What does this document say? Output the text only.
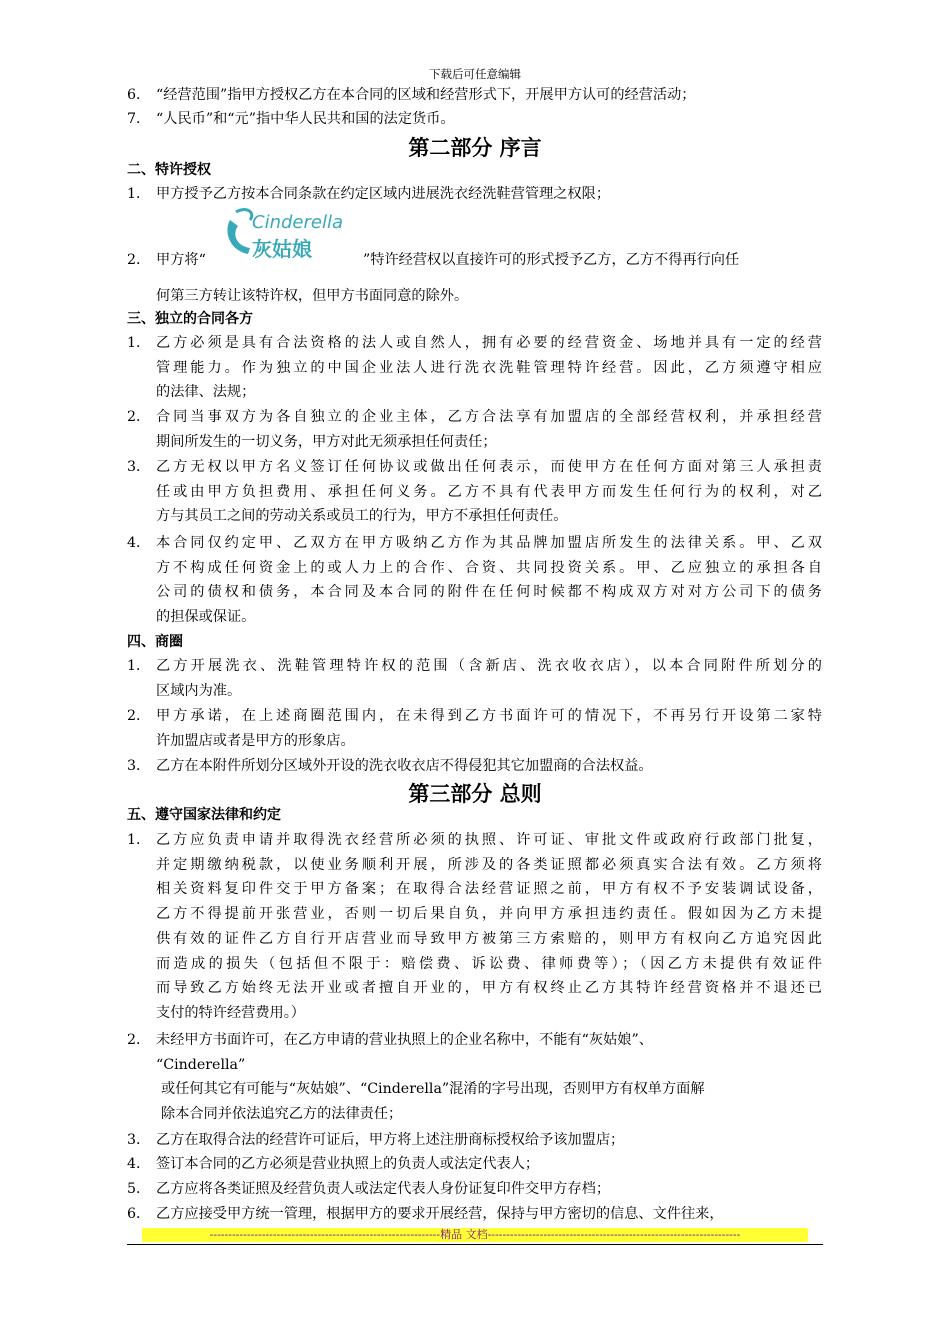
下载后可任意编辑
6． “经营范围”指甲方授权乙方在本合同的区域和经营形式下，开展甲方认可的经营活动；
7． “人民币”和“元”指中华人民共和国的法定货币。
第二部分 序言
二、特许授权
1． 甲方授予乙方按本合同条款在约定区域内进展洗衣经洗鞋营管理之权限；
2． 甲方将“
Cinderella
灰姑娘	”特许经营权以直接许可的形式授予乙方，乙方不得再行向任
何第三方转让该特许权，但甲方书面同意的除外。
三、独立的合同各方
1． 乙方必须是具有合法资格的法人或自然人，拥有必要的经营资金、场地并具有一定的经营
管理能力。作为独立的中国企业法人进行洗衣洗鞋管理特许经营。因此，乙方须遵守相应
的法律、法规；
2． 合同当事双方为各自独立的企业主体，乙方合法享有加盟店的全部经营权利，并承担经营
期间所发生的一切义务，甲方对此无须承担任何责任；
3． 乙方无权以甲方名义签订任何协议或做出任何表示，而使甲方在任何方面对第三人承担责
任或由甲方负担费用、承担任何义务。乙方不具有代表甲方而发生任何行为的权利，对乙
方与其员工之间的劳动关系或员工的行为，甲方不承担任何责任。
4． 本合同仅约定甲、乙双方在甲方吸纳乙方作为其品牌加盟店所发生的法律关系。甲、乙双
方不构成任何资金上的或人力上的合作、合资、共同投资关系。甲、乙应独立的承担各自
公司的债权和债务，本合同及本合同的附件在任何时候都不构成双方对对方公司下的债务
的担保或保证。
四、商圈
1． 乙方开展洗衣、洗鞋管理特许权的范围（含新店、洗衣收衣店），以本合同附件所划分的
区域内为准。
2． 甲方承诺，在上述商圈范围内，在未得到乙方书面许可的情况下，不再另行开设第二家特
许加盟店或者是甲方的形象店。
3． 乙方在本附件所划分区域外开设的洗衣收衣店不得侵犯其它加盟商的合法权益。
第三部分 总则
五、遵守国家法律和约定
1． 乙方应负责申请并取得洗衣经营所必须的执照、许可证、审批文件或政府行政部门批复，
并定期缴纳税款，以使业务顺利开展，所涉及的各类证照都必须真实合法有效。乙方须将
相关资料复印件交于甲方备案；在取得合法经营证照之前，甲方有权不予安装调试设备，
乙方不得提前开张营业，否则一切后果自负，并向甲方承担违约责任。假如因为乙方未提
供有效的证件乙方自行开店营业而导致甲方被第三方索赔的，则甲方有权向乙方追究因此
而造成的损失（包括但不限于：赔偿费、诉讼费、律师费等）；（因乙方未提供有效证件
而导致乙方始终无法开业或者擅自开业的，甲方有权终止乙方其特许经营资格并不退还已
支付的特许经营费用。）
2． 未经甲方书面许可，在乙方申请的营业执照上的企业名称中，不能有“灰姑娘”、
“Cinderella”
或任何其它有可能与“灰姑娘”、“Cinderella”混淆的字号出现，否则甲方有权单方面解
除本合同并依法追究乙方的法律责任；
3． 乙方在取得合法的经营许可证后，甲方将上述注册商标授权给予该加盟店；
4． 签订本合同的乙方必须是营业执照上的负责人或法定代表人；
5． 乙方应将各类证照及经营负责人或法定代表人身份证复印件交甲方存档；
6． 乙方应接受甲方统一管理，根据甲方的要求开展经营，保持与甲方密切的信息、文件往来，
--------------------------------------------------------------精品 文档--------------------------------------------------------------------
